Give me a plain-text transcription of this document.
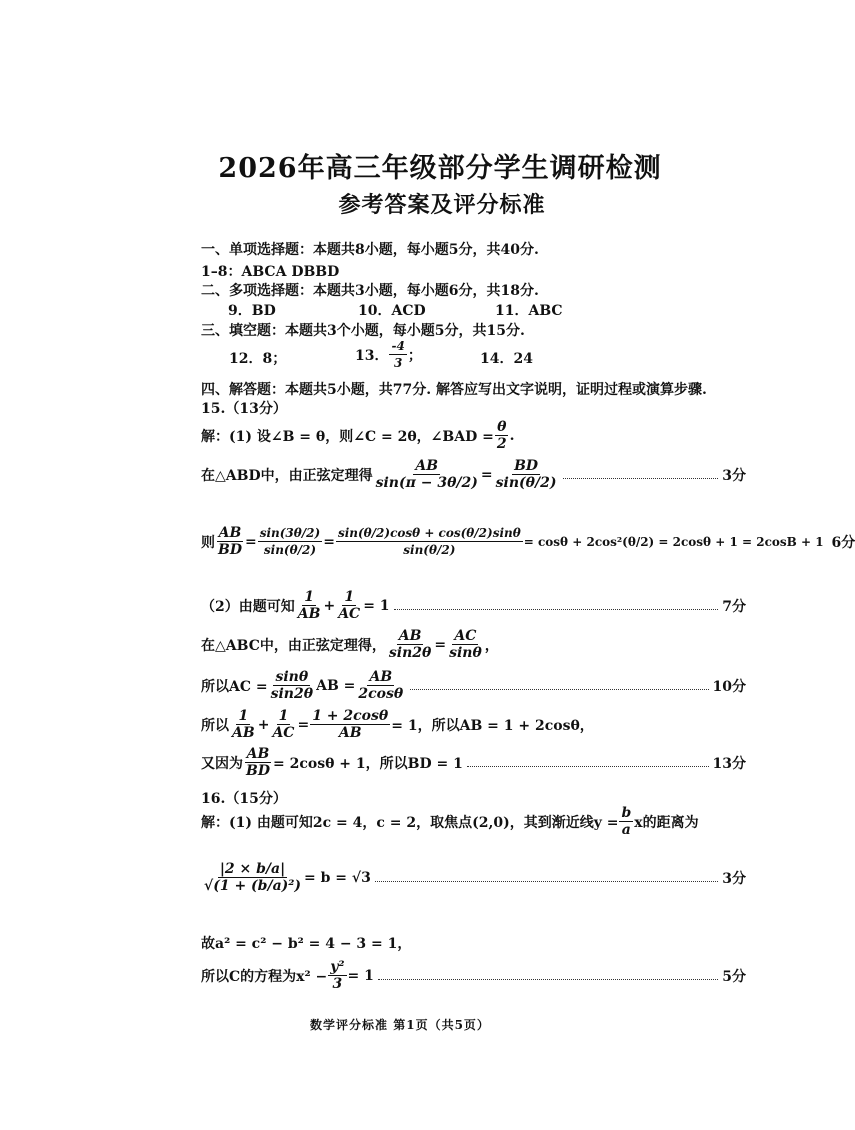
2026年高三年级部分学生调研检测
参考答案及评分标准
一、单项选择题：本题共8小题，每小题5分，共40分.
1–8：ABCA DBBD
二、多项选择题：本题共3小题，每小题6分，共18分.
9．BD	10．ACD	11．ABC
三、填空题：本题共3个小题，每小题5分，共15分.
12．8；	13． $\frac{-4}{3}$ ；	14．24
四、解答题：本题共5小题，共77分. 解答应写出文字说明，证明过程或演算步骤.
15.（13分）
解：(1) 设∠B = θ，则∠C = 2θ，∠BAD = $\frac{\theta}{2}$ .
在△ABD中，由正弦定理得 $\frac{AB}{\sin(\pi - 3\theta/2)} = \frac{BD}{\sin(\theta/2)}$	3分
则 $\frac{AB}{BD} = \frac{\sin(3\theta/2)}{\sin(\theta/2)} = \frac{\sin(\theta/2)\cos\theta + \cos(\theta/2)\sin\theta}{\sin(\theta/2)} = \cos\theta + 2\cos^2(\theta/2) = 2\cos\theta + 1 = 2\cos B + 1$ 6分
（2）由题可知 $\frac{1}{AB} + \frac{1}{AC} = 1$	7分
在△ABC中，由正弦定理得， $\frac{AB}{\sin 2\theta} = \frac{AC}{\sin\theta}$ ，
所以AC = $\frac{\sin\theta}{\sin 2\theta}$ AB = $\frac{AB}{2\cos\theta}$	10分
所以 $\frac{1}{AB} + \frac{1}{AC} = \frac{1 + 2\cos\theta}{AB} = 1$，所以AB = 1 + 2cosθ，
又因为 $\frac{AB}{BD} = 2\cos\theta + 1$，所以BD = 1	13分
16.（15分）
解：(1) 由题可知2c = 4，c = 2，取焦点(2,0)，其到渐近线$y = \frac{b}{a}$ x的距离为
$\frac{|2 \times b/a|}{\text{√(1 + (b/a)²)}} = b = √3$	3分
故a² = c² − b² = 4 − 3 = 1，
所以C的方程为$x^2 - \frac{\text{y²}}{3} = 1$	5分
数学评分标准 第1页（共5页）
